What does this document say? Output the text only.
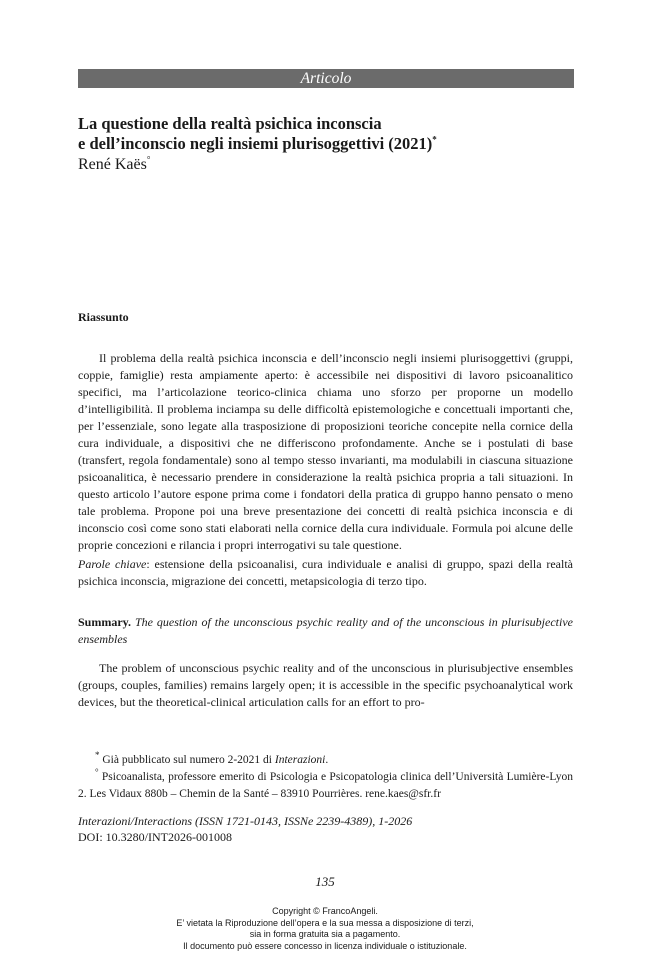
Articolo
La questione della realtà psichica inconscia
e dell’inconscio negli insiemi plurisoggettivi (2021)*
René Kaës°
Riassunto

Il problema della realtà psichica inconscia e dell’inconscio negli insiemi plurisoggettivi (gruppi, coppie, famiglie) resta ampiamente aperto: è accessibile nei dispositivi di lavoro psicoanalitico specifici, ma l’articolazione teorico-clinica chiama uno sforzo per proporne un modello d’intelligibilità. Il problema inciampa su delle difficoltà epistemologiche e concettuali importanti che, per l’essenziale, sono legate alla trasposizione di proposizioni teoriche concepite nella cornice della cura individuale, a dispositivi che ne differiscono profondamente. Anche se i postulati di base (transfert, regola fondamentale) sono al tempo stesso invarianti, ma modulabili in ciascuna situazione psicoanalitica, è necessario prendere in considerazione la realtà psichica propria a tali situazioni. In questo articolo l’autore espone prima come i fondatori della pratica di gruppo hanno pensato o meno tale problema. Propone poi una breve presentazione dei concetti di realtà psichica inconscia e di inconscio così come sono stati elaborati nella cornice della cura individuale. Formula poi alcune delle proprie concezioni e rilancia i propri interrogativi su tale questione.

Parole chiave: estensione della psicoanalisi, cura individuale e analisi di gruppo, spazi della realtà psichica inconscia, migrazione dei concetti, metapsicologia di terzo tipo.

Summary. The question of the unconscious psychic reality and of the unconscious in plurisubjective ensembles

The problem of unconscious psychic reality and of the unconscious in plurisubjective ensembles (groups, couples, families) remains largely open; it is accessible in the specific psychoanalytical work devices, but the theoretical-clinical articulation calls for an effort to pro-

* Già pubblicato sul numero 2-2021 di Interazioni.

° Psicoanalista, professore emerito di Psicologia e Psicopatologia clinica dell’Università Lumière-Lyon 2. Les Vidaux 880b – Chemin de la Santé – 83910 Pourrières. rene.kaes@sfr.fr

Interazioni/Interactions (ISSN 1721-0143, ISSNe 2239-4389), 1-2026
DOI: 10.3280/INT2026-001008
135
Copyright © FrancoAngeli.
E’ vietata la Riproduzione dell’opera e la sua messa a disposizione di terzi,
sia in forma gratuita sia a pagamento.
Il documento può essere concesso in licenza individuale o istituzionale.
